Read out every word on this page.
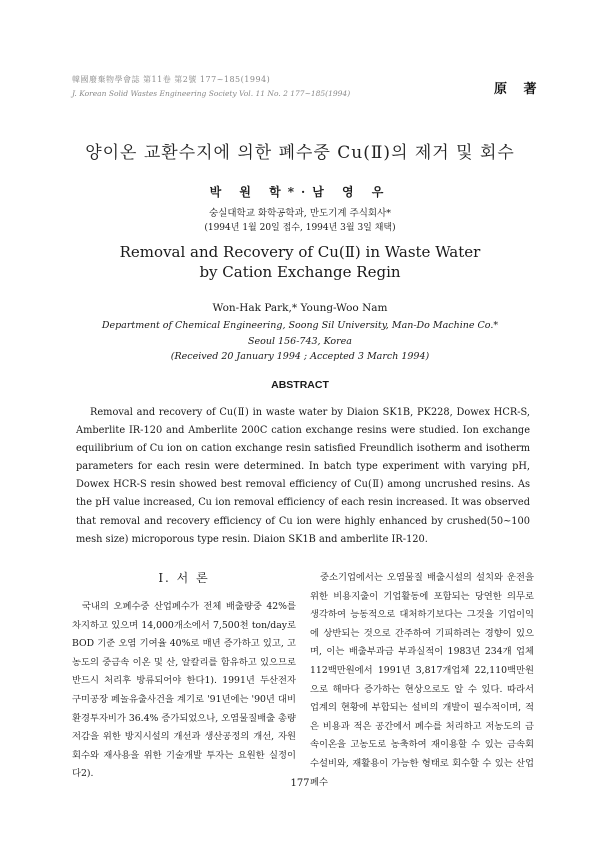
韓國廢棄物學會誌 第11卷 第2號 177~185(1994)
J. Korean Solid Wastes Engineering Society Vol. 11 No. 2 177~185(1994)	原 著
양이온 교환수지에 의한 폐수중 Cu(Ⅱ)의 제거 및 회수
박 원 학*·남 영 우
숭실대학교 화학공학과, 만도기계 주식회사*
(1994년 1월 20일 접수, 1994년 3월 3일 채택)
Removal and Recovery of Cu(Ⅱ) in Waste Water
by Cation Exchange Regin
Won-Hak Park,* Young-Woo Nam
Department of Chemical Engineering, Soong Sil University, Man-Do Machine Co.*
Seoul 156-743, Korea
(Received 20 January 1994 ; Accepted 3 March 1994)
ABSTRACT
Removal and recovery of Cu(Ⅱ) in waste water by Diaion SK1B, PK228, Dowex HCR-S, Amberlite IR-120 and Amberlite 200C cation exchange resins were studied. Ion exchange equilibrium of Cu ion on cation exchange resin satisfied Freundlich isotherm and isotherm parameters for each resin were determined. In batch type experiment with varying pH, Dowex HCR-S resin showed best removal efficiency of Cu(Ⅱ) among uncrushed resins. As the pH value increased, Cu ion removal efficiency of each resin increased. It was observed that removal and recovery efficiency of Cu ion were highly enhanced by crushed(50~100 mesh size) microporous type resin. Diaion SK1B and amberlite IR-120.
Ⅰ. 서 론
국내의 오폐수중 산업폐수가 전체 배출량중 42%를 차지하고 있으며 14,000개소에서 7,500천 ton/day로 BOD 기준 오염 기여율 40%로 매년 증가하고 있고, 고농도의 중금속 이온 및 산, 알칼리를 함유하고 있으므로 반드시 처리후 방류되어야 한다1). 1991년 두산전자 구미공장 페놀유출사건을 계기로 '91년에는 '90년 대비 환경투자비가 36.4% 증가되었으나, 오염물질배출 총량 저감을 위한 방지시설의 개선과 생산공정의 개선, 자원회수와 재사용을 위한 기술개발 투자는 요원한 실정이다2).
중소기업에서는 오염물질 배출시설의 설치와 운전을 위한 비용지출이 기업활동에 포함되는 당연한 의무로 생각하여 능동적으로 대처하기보다는 그것을 기업이익에 상반되는 것으로 간주하여 기피하려는 경향이 있으며, 이는 배출부과금 부과실적이 1983년 234개 업체 112백만원에서 1991년 3,817개업체 22,110백만원으로 해마다 증가하는 현상으로도 알 수 있다. 따라서 업계의 현황에 부합되는 설비의 개발이 필수적이며, 적은 비용과 적은 공간에서 폐수를 처리하고 저농도의 금속이온을 고농도로 농축하여 재이용할 수 있는 금속회수설비와, 재활용이 가능한 형태로 회수할 수 있는 산업폐수
177
